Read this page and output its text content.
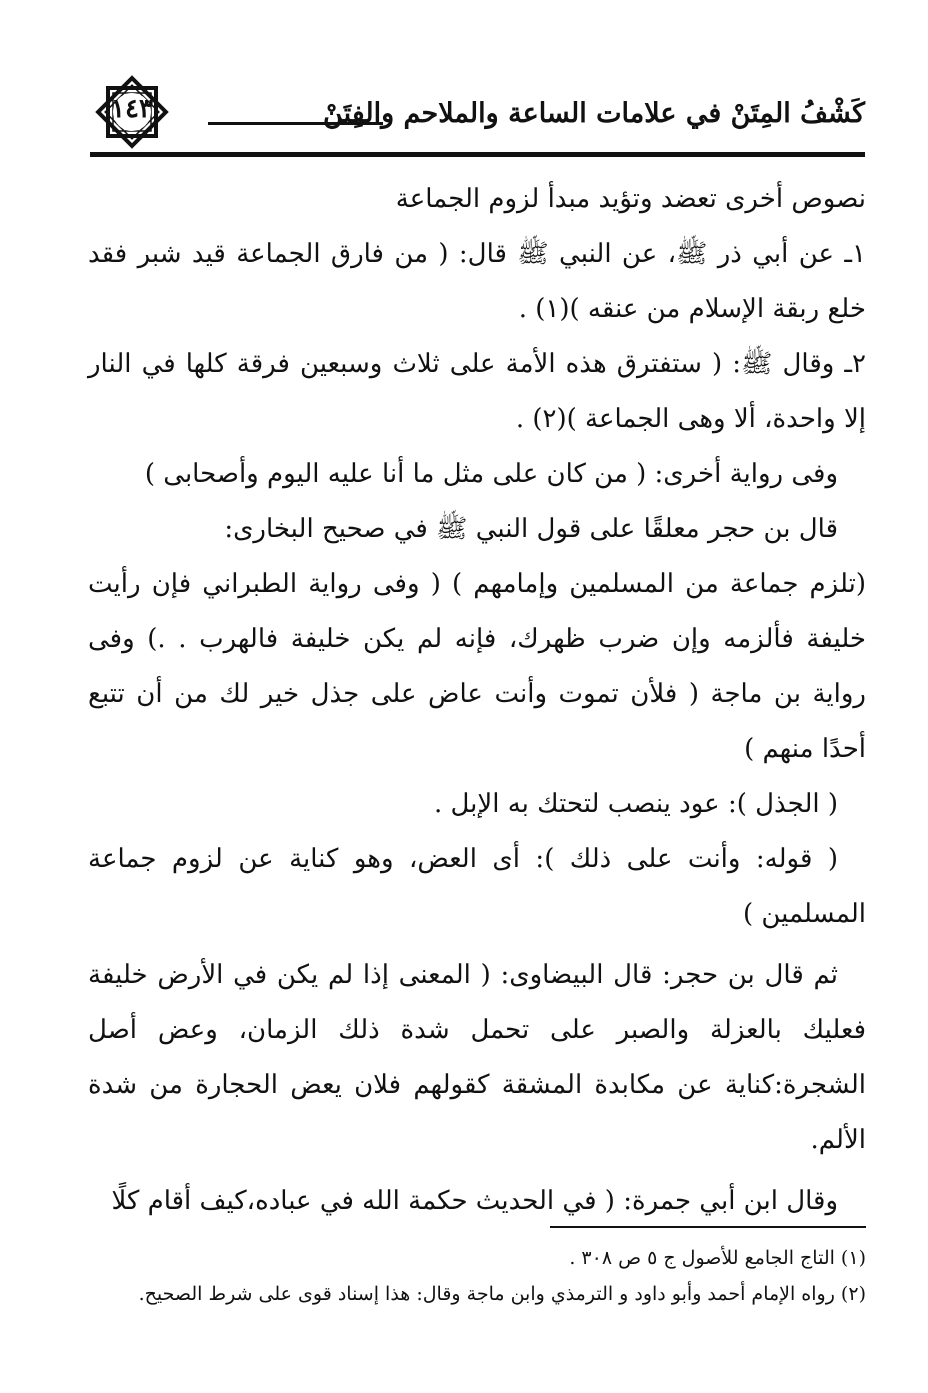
١٤٣	كَشْفُ المِتَنْ في علامات الساعة والملاحم والفِتَنْ

نصوص أخرى تعضد وتؤيد مبدأ لزوم الجماعة

١ـ عن أبي ذر ﷺ، عن النبي ﷺ قال: ( من فارق الجماعة قيد شبر فقد خلع ربقة الإسلام من عنقه )(١) .

٢ـ وقال ﷺ: ( ستفترق هذه الأمة على ثلاث وسبعين فرقة كلها في النار إلا واحدة، ألا وهى الجماعة )(٢) .

وفى رواية أخرى: ( من كان على مثل ما أنا عليه اليوم وأصحابى )

قال بن حجر معلقًا على قول النبي ﷺ في صحيح البخارى:

(تلزم جماعة من المسلمين وإمامهم ) ( وفى رواية الطبراني فإن رأيت خليفة فألزمه وإن ضرب ظهرك، فإنه لم يكن خليفة فالهرب . .) وفى رواية بن ماجة ( فلأن تموت وأنت عاض على جذل خير لك من أن تتبع أحدًا منهم )

( الجذل ): عود ينصب لتحتك به الإبل .

( قوله: وأنت على ذلك ): أى العض، وهو كناية عن لزوم جماعة المسلمين )

ثم قال بن حجر: قال البيضاوى: ( المعنى إذا لم يكن في الأرض خليفة فعليك بالعزلة والصبر على تحمل شدة ذلك الزمان، وعض أصل الشجرة:كناية عن مكابدة المشقة كقولهم فلان يعض الحجارة من شدة الألم.

وقال ابن أبي جمرة: ( في الحديث حكمة الله في عباده،كيف أقام كلًا

(١) التاج الجامع للأصول ج ٥ ص ٣٠٨ .

(٢) رواه الإمام أحمد وأبو داود و الترمذي وابن ماجة وقال: هذا إسناد قوى على شرط الصحيح.
